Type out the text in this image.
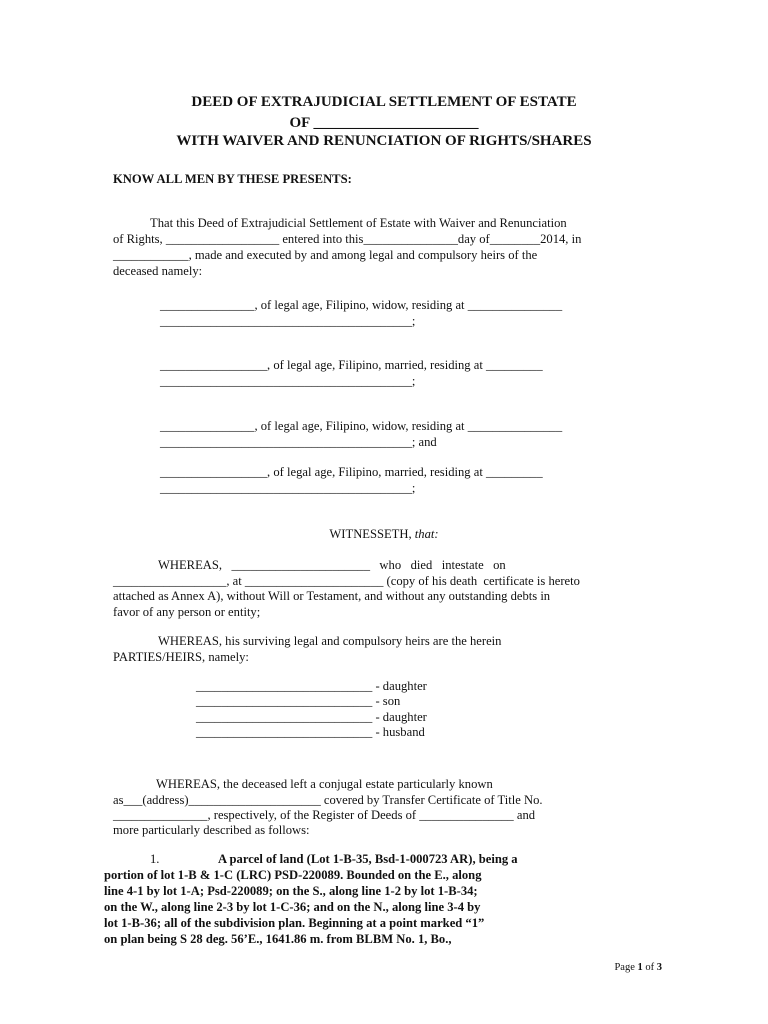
DEED OF EXTRAJUDICIAL SETTLEMENT OF ESTATE
OF ______________________
WITH WAIVER AND RENUNCIATION OF RIGHTS/SHARES
KNOW ALL MEN BY THESE PRESENTS:
That this Deed of Extrajudicial Settlement of Estate with Waiver and Renunciation
of Rights, __________________ entered into this_______________day of________2014, in
____________, made and executed by and among legal and compulsory heirs of the
deceased namely:
_______________, of legal age, Filipino, widow, residing at _______________
________________________________________;
_________________, of legal age, Filipino, married, residing at _________
________________________________________;
_______________, of legal age, Filipino, widow, residing at _______________
________________________________________; and
_________________, of legal age, Filipino, married, residing at _________
________________________________________;
WITNESSETH, that:
WHEREAS,   ______________________   who   died   intestate   on
__________________, at ______________________ (copy of his death  certificate is hereto
attached as Annex A), without Will or Testament, and without any outstanding debts in
favor of any person or entity;
WHEREAS, his surviving legal and compulsory heirs are the herein
PARTIES/HEIRS, namely:
____________________________ - daughter
____________________________ - son
____________________________ - daughter
____________________________ - husband
WHEREAS, the deceased left a conjugal estate particularly known
as___(address)_____________________ covered by Transfer Certificate of Title No.
_______________, respectively, of the Register of Deeds of _______________ and
more particularly described as follows:
1.	A parcel of land (Lot 1-B-35, Bsd-1-000723 AR), being a
portion of lot 1-B & 1-C (LRC) PSD-220089. Bounded on the E., along
line 4-1 by lot 1-A; Psd-220089; on the S., along line 1-2 by lot 1-B-34;
on the W., along line 2-3 by lot 1-C-36; and on the N., along line 3-4 by
lot 1-B-36; all of the subdivision plan. Beginning at a point marked “1”
on plan being S 28 deg. 56’E., 1641.86 m. from BLBM No. 1, Bo.,
Page 1 of 3
